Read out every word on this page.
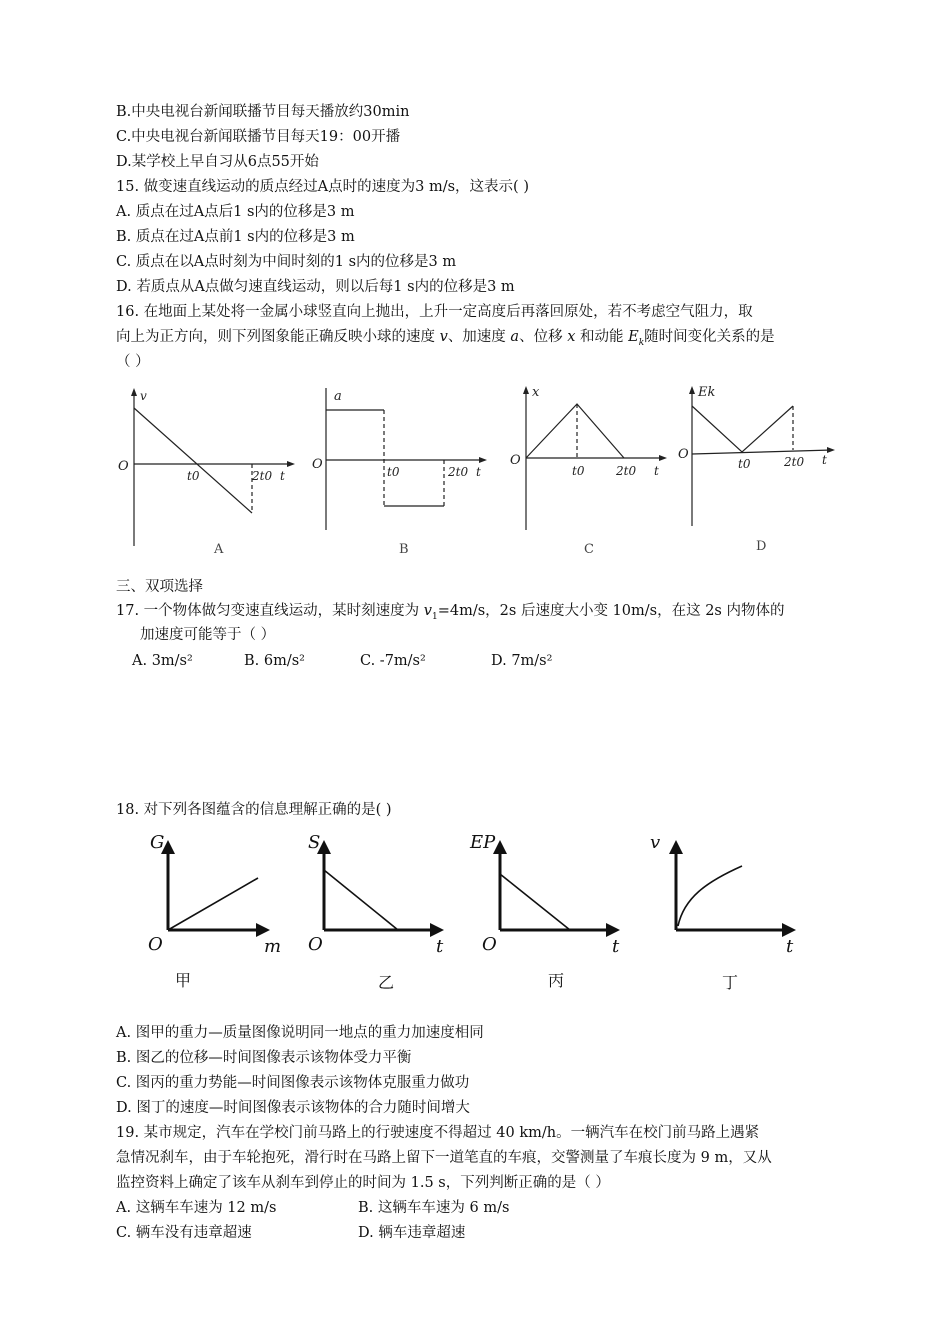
B.中央电视台新闻联播节目每天播放约30min
C.中央电视台新闻联播节目每天19：00开播
D.某学校上早自习从6点55开始
15. 做变速直线运动的质点经过A点时的速度为3 m/s，这表示( )
A. 质点在过A点后1 s内的位移是3 m
B. 质点在过A点前1 s内的位移是3 m
C. 质点在以A点时刻为中间时刻的1 s内的位移是3 m
D. 若质点从A点做匀速直线运动，则以后每1 s内的位移是3 m
16. 在地面上某处将一金属小球竖直向上抛出，上升一定高度后再落回原处，若不考虑空气阻力，取
向上为正方向，则下列图象能正确反映小球的速度 v、加速度 a、位移 x 和动能 $E_k$随时间变化关系的是
（ ）
v
O
t0	2t0 t
A
a
O	t0	2t0 t
B
x
O
t0	2t0 t
C
Ek
O
t0	2t0 t
D
三、双项选择
17. 一个物体做匀变速直线运动，某时刻速度为 $v_1=4m/s$，2s 后速度大小变 10m/s，在这 2s 内物体的
加速度可能等于（ ）
A. 3m/s²	B. 6m/s²	C. -7m/s²	D. 7m/s²
18. 对下列各图蕴含的信息理解正确的是( )
G
O	m
S
O	t
EP
O	t
v
t
甲	乙	丙	丁
A. 图甲的重力—质量图像说明同一地点的重力加速度相同
B. 图乙的位移—时间图像表示该物体受力平衡
C. 图丙的重力势能—时间图像表示该物体克服重力做功
D. 图丁的速度—时间图像表示该物体的合力随时间增大
19. 某市规定，汽车在学校门前马路上的行驶速度不得超过 40 km/h。一辆汽车在校门前马路上遇紧
急情况刹车，由于车轮抱死，滑行时在马路上留下一道笔直的车痕，交警测量了车痕长度为 9 m，又从
监控资料上确定了该车从刹车到停止的时间为 1.5 s，下列判断正确的是（ ）
A. 这辆车车速为 12 m/s	B. 这辆车车速为 6 m/s
C. 辆车没有违章超速	D. 辆车违章超速
